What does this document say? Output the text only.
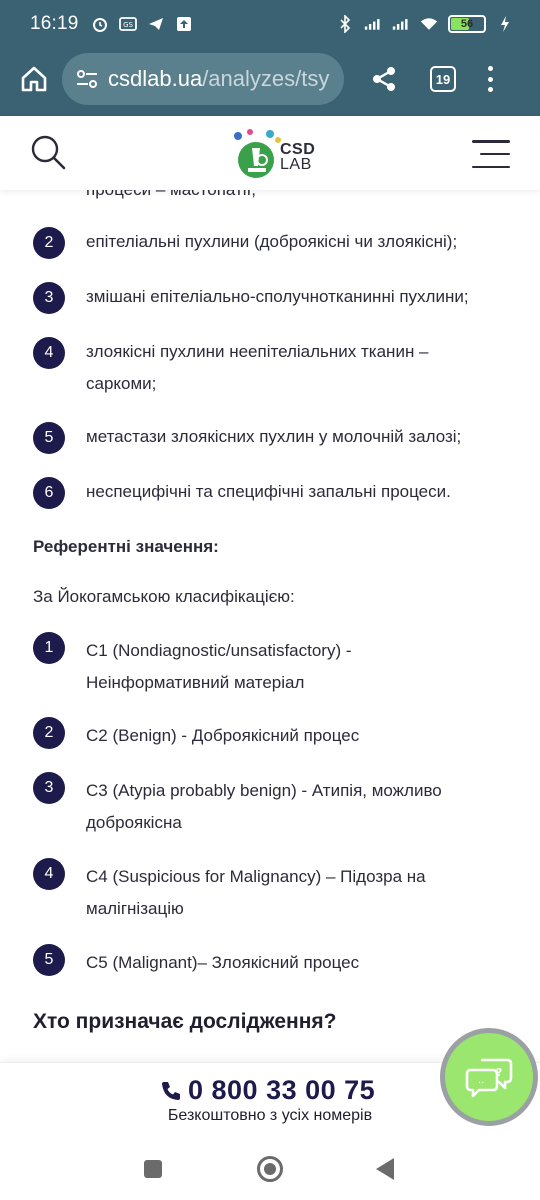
16:19	GS	56
csdlab.ua/analyzes/tsy	19
2	епітеліальні пухлини (доброякісні чи злоякісні);
3	змішані епітеліально-сполучнотканинні пухлини;
4	злоякісні пухлини неепітеліальних тканин – саркоми;
5	метастази злоякісних пухлин у молочній залозі;
6	неспецифічні та специфічні запальні процеси.
Референтні значення:
За Йокогамською класифікацією:
1	C1 (Nondiagnostic/unsatisfactory) - Неінформативний матеріал
2	C2 (Benign) - Доброякісний процес
3	C3 (Atypia probably benign) - Атипія, можливо доброякісна
4	C4 (Suspicious for Malignancy) – Підозра на малігнізацію
5	C5 (Malignant)– Злоякісний процес
Хто призначає дослідження?
CSD
LAB
0 800 33 00 75
Безкоштовно з усіх номерів
?
..
